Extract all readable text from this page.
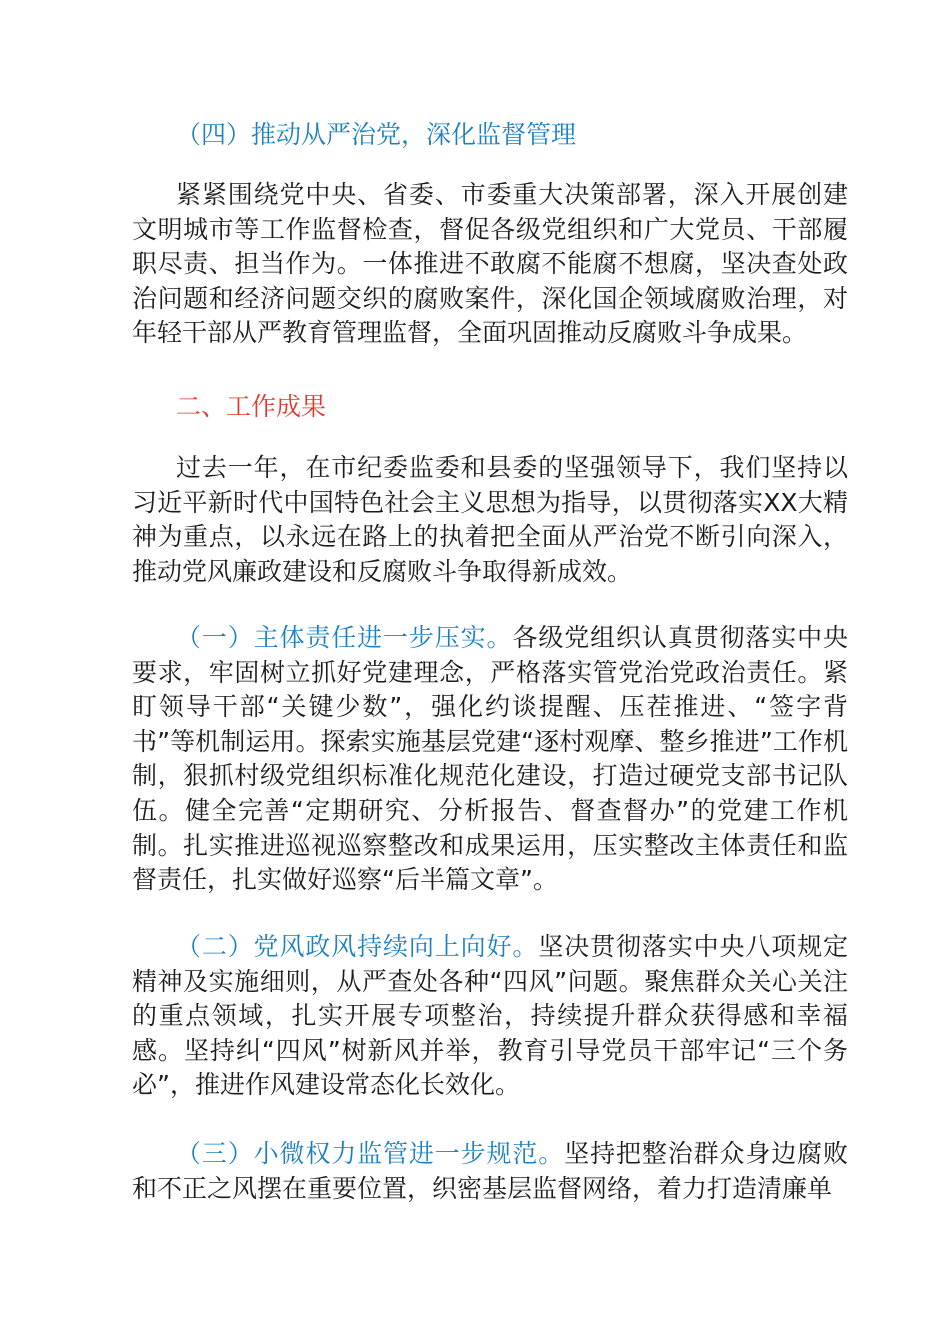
（四）推动从严治党，深化监督管理
紧紧围绕党中央、省委、市委重大决策部署，深入开展创建文明城市等工作监督检查，督促各级党组织和广大党员、干部履职尽责、担当作为。一体推进不敢腐不能腐不想腐，坚决查处政治问题和经济问题交织的腐败案件，深化国企领域腐败治理，对年轻干部从严教育管理监督，全面巩固推动反腐败斗争成果。
二、工作成果
过去一年，在市纪委监委和县委的坚强领导下，我们坚持以习近平新时代中国特色社会主义思想为指导，以贯彻落实XX大精神为重点，以永远在路上的执着把全面从严治党不断引向深入，推动党风廉政建设和反腐败斗争取得新成效。
（一）主体责任进一步压实。各级党组织认真贯彻落实中央要求，牢固树立抓好党建理念，严格落实管党治党政治责任。紧盯领导干部“关键少数”，强化约谈提醒、压茬推进、“签字背书”等机制运用。探索实施基层党建“逐村观摩、整乡推进”工作机制，狠抓村级党组织标准化规范化建设，打造过硬党支部书记队伍。健全完善“定期研究、分析报告、督查督办”的党建工作机制。扎实推进巡视巡察整改和成果运用，压实整改主体责任和监督责任，扎实做好巡察“后半篇文章”。
（二）党风政风持续向上向好。坚决贯彻落实中央八项规定精神及实施细则，从严查处各种“四风”问题。聚焦群众关心关注的重点领域，扎实开展专项整治，持续提升群众获得感和幸福感。坚持纠“四风”树新风并举，教育引导党员干部牢记“三个务必”，推进作风建设常态化长效化。
（三）小微权力监管进一步规范。坚持把整治群众身边腐败和不正之风摆在重要位置，织密基层监督网络，着力打造清廉单
